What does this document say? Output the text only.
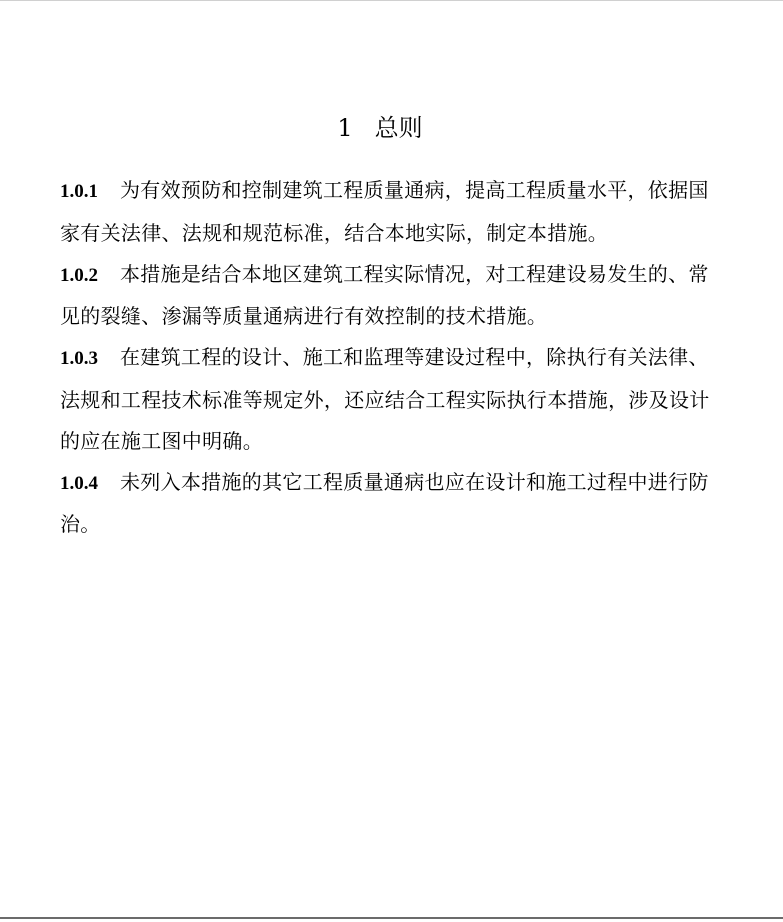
1 总则

1.0.1 为有效预防和控制建筑工程质量通病，提高工程质量水平，依据国家有关法律、法规和规范标准，结合本地实际，制定本措施。

1.0.2 本措施是结合本地区建筑工程实际情况，对工程建设易发生的、常见的裂缝、渗漏等质量通病进行有效控制的技术措施。

1.0.3 在建筑工程的设计、施工和监理等建设过程中，除执行有关法律、法规和工程技术标准等规定外，还应结合工程实际执行本措施，涉及设计的应在施工图中明确。

1.0.4 未列入本措施的其它工程质量通病也应在设计和施工过程中进行防治。
